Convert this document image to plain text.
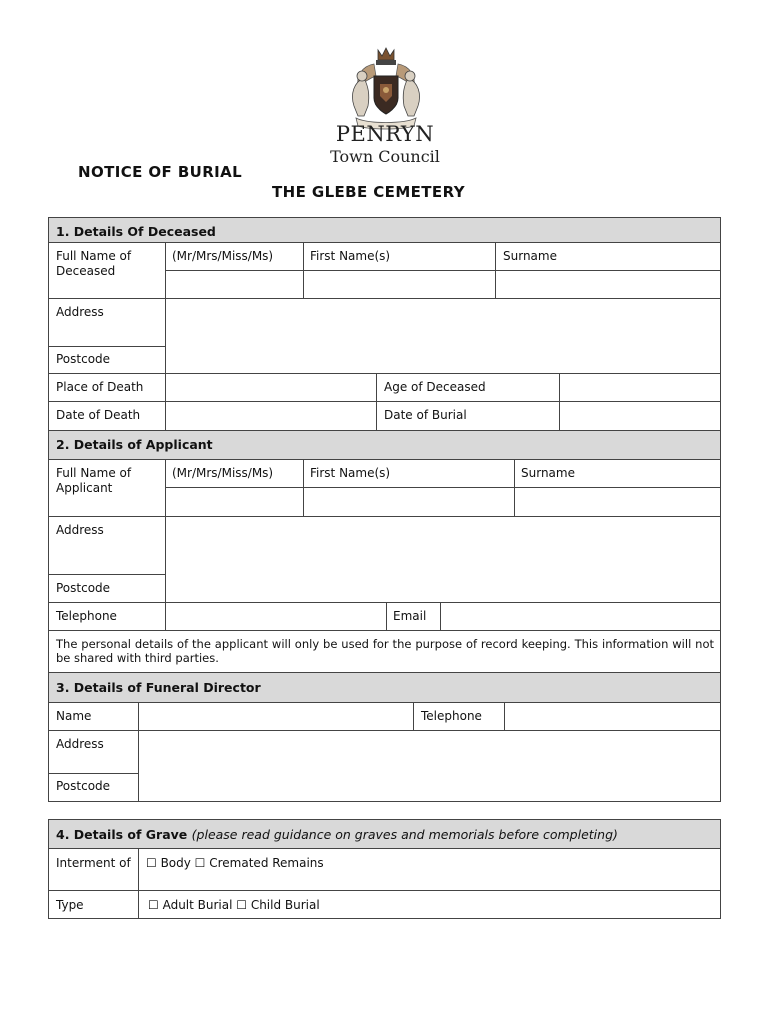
PENRYN
Town Council
NOTICE OF BURIAL
THE GLEBE CEMETERY
1. Details Of Deceased
Full Name of Deceased
(Mr/Mrs/Miss/Ms)	First Name(s)	Surname
Address
Postcode
Place of Death	Age of Deceased
Date of Death	Date of Burial
2. Details of Applicant
Full Name of Applicant
(Mr/Mrs/Miss/Ms)	First Name(s)	Surname
Address
Postcode
Telephone	Email
The personal details of the applicant will only be used for the purpose of record keeping. This information will not be shared with third parties.
3. Details of Funeral Director
Name	Telephone
Address
Postcode
4. Details of Grave (please read guidance on graves and memorials before completing)
Interment of ☐ Body ☐ Cremated Remains
Type	☐ Adult Burial ☐ Child Burial
